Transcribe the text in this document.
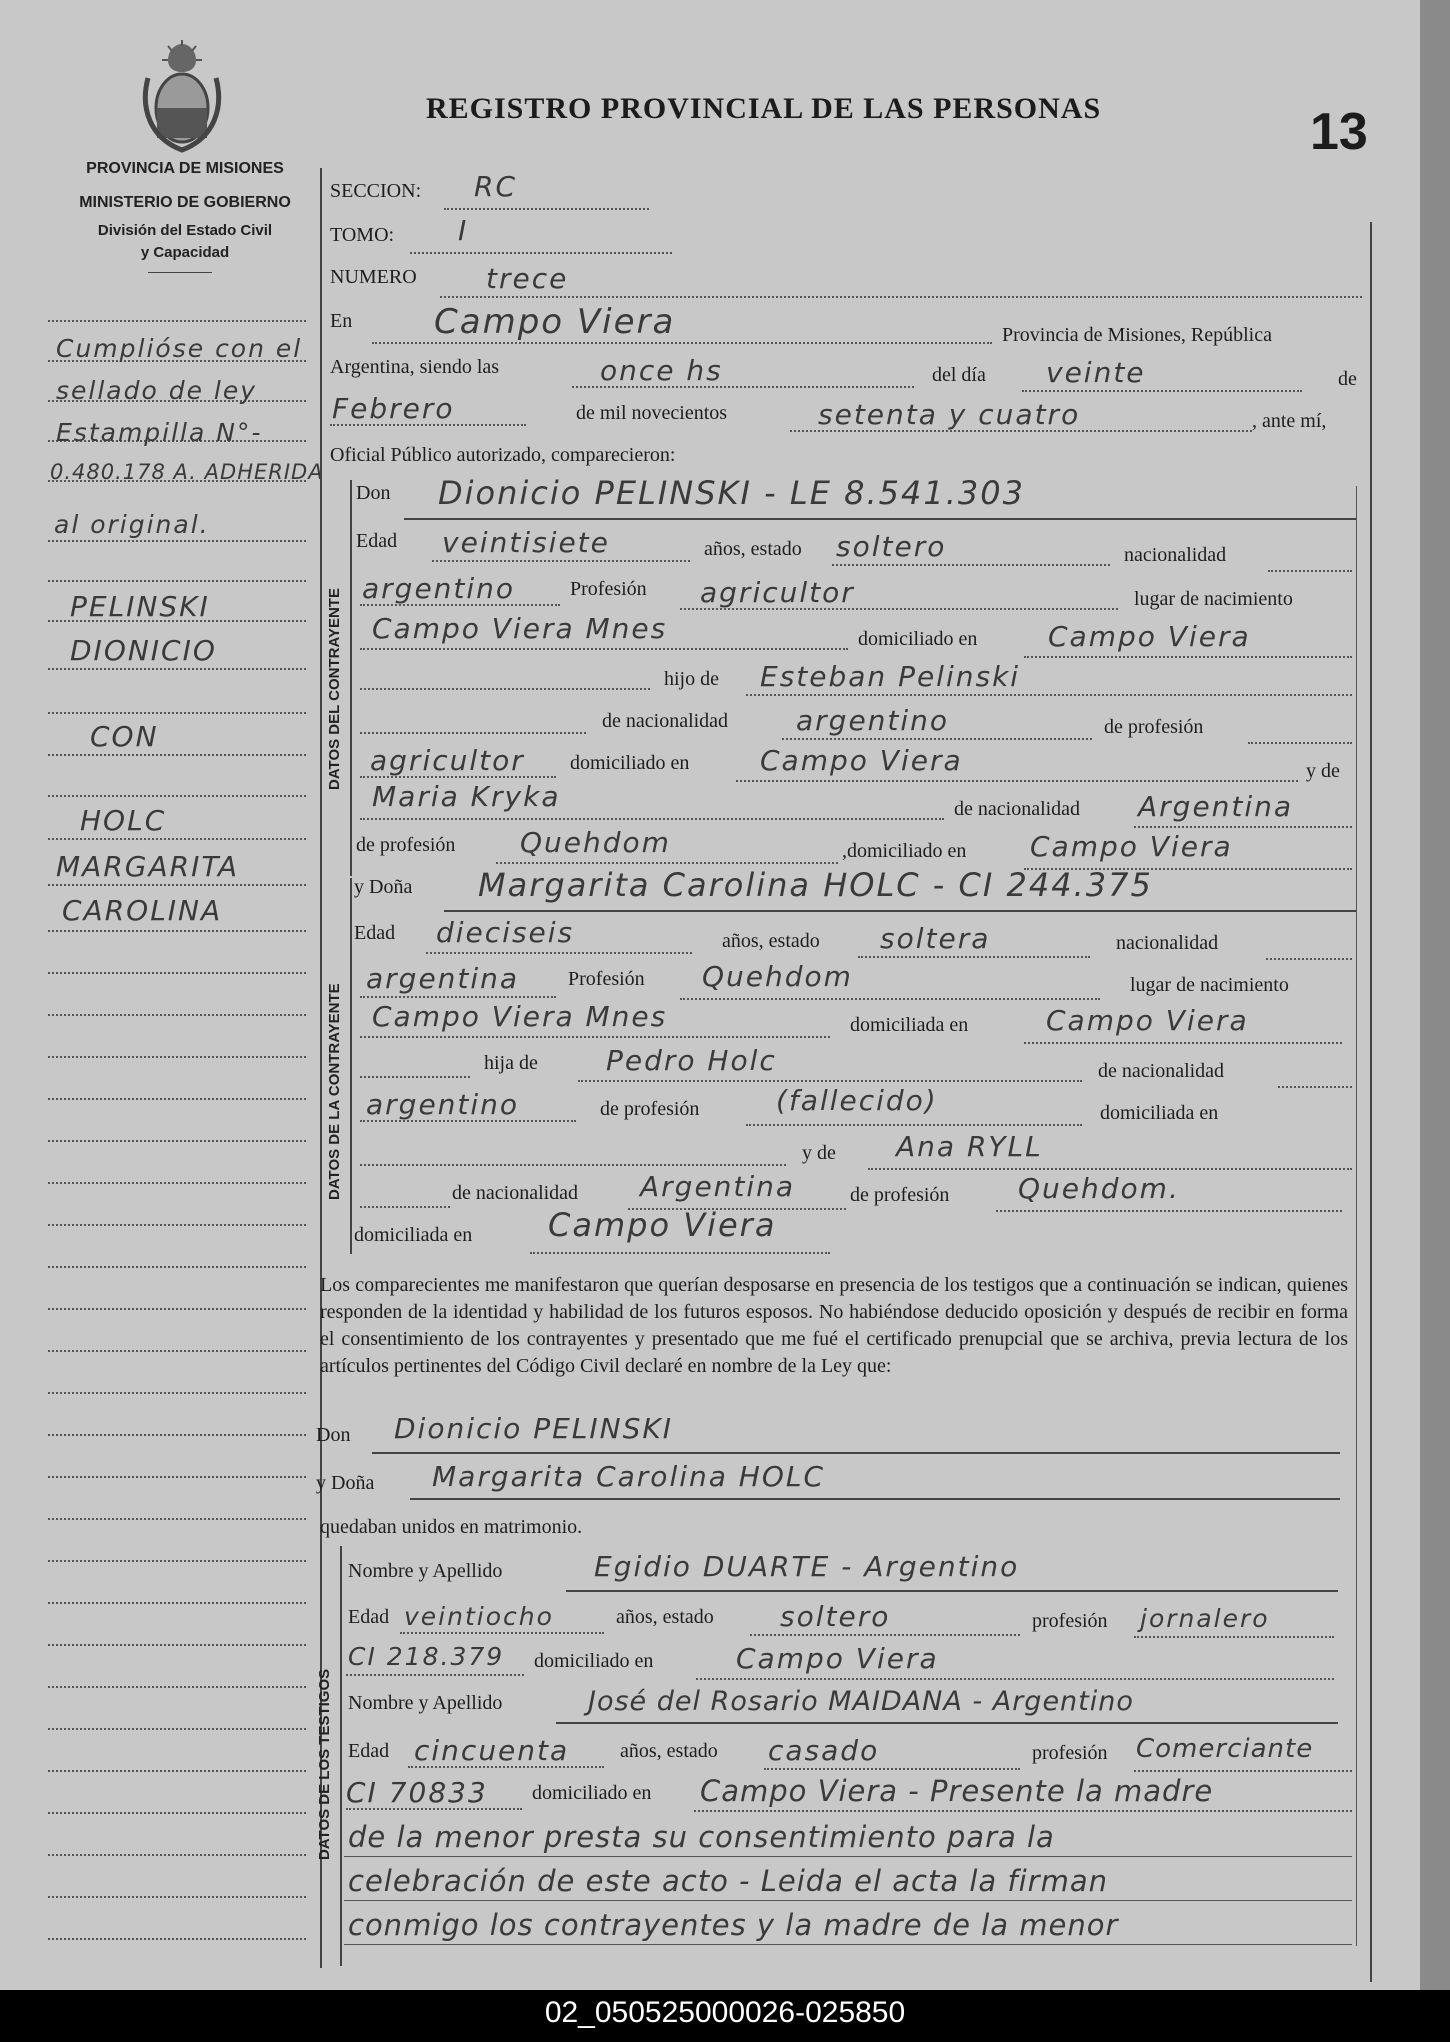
PROVINCIA DE MISIONES
MINISTERIO DE GOBIERNO
División del Estado Civil
y Capacidad
REGISTRO PROVINCIAL DE LAS PERSONAS	13
Cumplióse con el
sellado de ley
Estampilla N°-
0.480.178 A. ADHERIDA
al original.
PELINSKI
DIONICIO
CON
HOLC
MARGARITA
CAROLINA
SECCION: RC
TOMO: I
NUMERO trece
En Campo Viera	Provincia de Misiones, República
Argentina, siendo las	once hs	del día veinte	de
Febrero	de mil novecientos	setenta y cuatro	, ante mí,
Oficial Público autorizado, comparecieron:
DATOS DEL CONTRAYENTE
Don Dionicio PELINSKI - LE 8.541.303
Edad veintisiete	años, estado soltero	nacionalidad
argentino	Profesión agricultor	lugar de nacimiento
Campo Viera Mnes	domiciliado en	Campo Viera
hijo de Esteban Pelinski
de nacionalidad argentino	de profesión
agricultor domiciliado en	Campo Viera	y de
Maria Kryka	de nacionalidad Argentina
de profesión Quehdom	,domiciliado en Campo Viera
DATOS DE LA CONTRAYENTE
y Doña Margarita Carolina HOLC - CI 244.375
Edad dieciseis	años, estado soltera	nacionalidad
argentina Profesión Quehdom	lugar de nacimiento
Campo Viera Mnes	domiciliada en	Campo Viera
hija de Pedro Holc	de nacionalidad
argentino	de profesión	(fallecido)	domiciliada en
y de Ana RYLL
de nacionalidad Argentina	de profesión Quehdom.
domiciliada en Campo Viera
Los comparecientes me manifestaron que querían desposarse en presencia de los testigos que a continuación se indican, quienes responden de la identidad y habilidad de los futuros esposos. No habiéndose deducido oposición y después de recibir en forma el consentimiento de los contrayentes y presentado que me fué el certificado prenupcial que se archiva, previa lectura de los artículos pertinentes del Código Civil declaré en nombre de la Ley que:
Don Dionicio PELINSKI
y Doña Margarita Carolina HOLC
quedaban unidos en matrimonio.
DATOS DE LOS TESTIGOS
Nombre y Apellido	Egidio DUARTE - Argentino
Edad veintiocho	años, estado soltero	profesión jornalero
CI 218.379 domiciliado en	Campo Viera
Nombre y Apellido	José del Rosario MAIDANA - Argentino
Edad cincuenta	años, estado casado	profesión Comerciante
CI 70833 domiciliado en Campo Viera - Presente la madre
de la menor presta su consentimiento para la
celebración de este acto - Leida el acta la firman
conmigo los contrayentes y la madre de la menor
02_050525000026-025850
